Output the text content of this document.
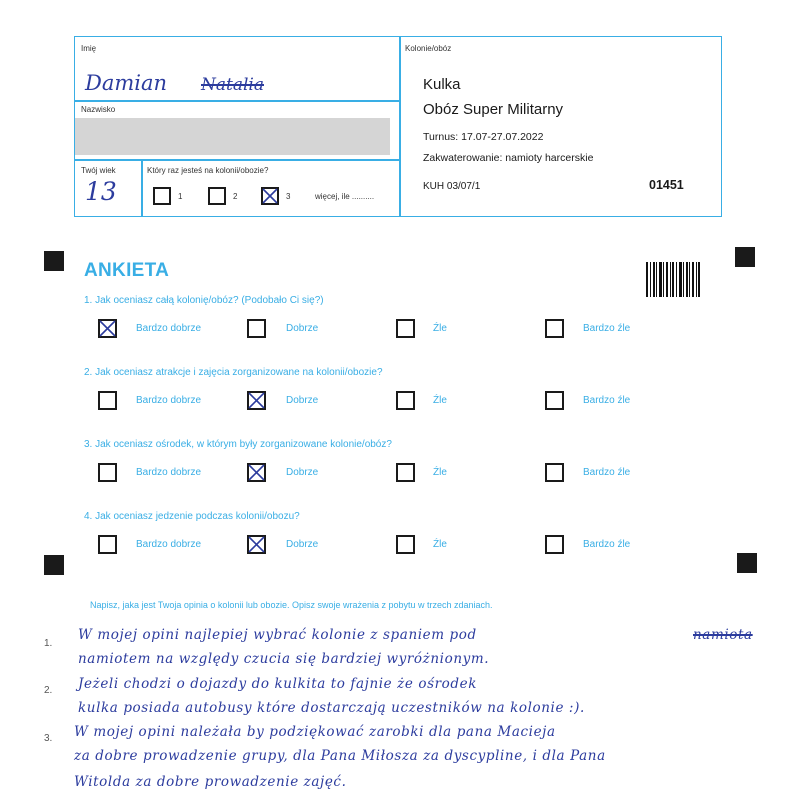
Imię
Damian Natalia
Nazwisko
Twój wiek
13
Który raz jesteś na kolonii/obozie?
1	2	3	więcej, ile ..........
Kolonie/obóz
Kulka
Obóz Super Militarny
Turnus: 17.07-27.07.2022
Zakwaterowanie: namioty harcerskie
KUH 03/07/1	01451
ANKIETA
1. Jak oceniasz całą kolonię/obóz? (Podobało Ci się?)
Bardzo dobrze	Dobrze	Źle	Bardzo źle
2. Jak oceniasz atrakcje i zajęcia zorganizowane na kolonii/obozie?
Bardzo dobrze	Dobrze	Źle	Bardzo źle
3. Jak oceniasz ośrodek, w którym były zorganizowane kolonie/obóz?
Bardzo dobrze	Dobrze	Źle	Bardzo źle
4. Jak oceniasz jedzenie podczas kolonii/obozu?
Bardzo dobrze	Dobrze	Źle	Bardzo źle
Napisz, jaka jest Twoja opinia o kolonii lub obozie. Opisz swoje wrażenia z pobytu w trzech zdaniach.
1.
2.
3.
W mojej opini najlepiej wybrać kolonie z spaniem pod	namiota
namiotem na względy czucia się bardziej wyróżnionym.
Jeżeli chodzi o dojazdy do kulkita to fajnie że ośrodek
kulka posiada autobusy które dostarczają uczestników na kolonie :).
W mojej opini należała by podziękować zarobki dla pana Macieja
za dobre prowadzenie grupy, dla Pana Miłosza za dyscypline, i dla Pana
Witolda za dobre prowadzenie zajęć.
